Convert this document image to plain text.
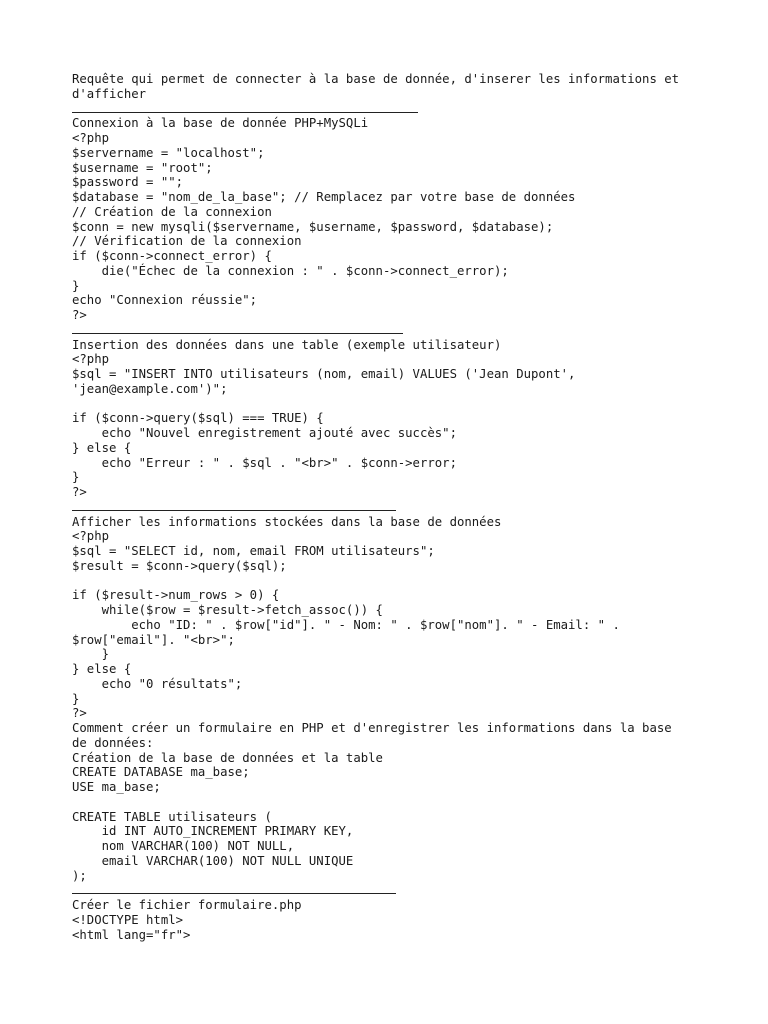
Requête qui permet de connecter à la base de donnée, d'inserer les informations et
d'afficher
Connexion à la base de donnée PHP+MySQLi
<?php
$servername = "localhost";
$username = "root";
$password = "";
$database = "nom_de_la_base"; // Remplacez par votre base de données
// Création de la connexion
$conn = new mysqli($servername, $username, $password, $database);
// Vérification de la connexion
if ($conn->connect_error) {
die("Échec de la connexion : " . $conn->connect_error);
}
echo "Connexion réussie";
?>
Insertion des données dans une table (exemple utilisateur)
<?php
$sql = "INSERT INTO utilisateurs (nom, email) VALUES ('Jean Dupont',
'jean@example.com')";
if ($conn->query($sql) === TRUE) {
echo "Nouvel enregistrement ajouté avec succès";
} else {
echo "Erreur : " . $sql . "<br>" . $conn->error;
}
?>
Afficher les informations stockées dans la base de données
<?php
$sql = "SELECT id, nom, email FROM utilisateurs";
$result = $conn->query($sql);
if ($result->num_rows > 0) {
while($row = $result->fetch_assoc()) {
echo "ID: " . $row["id"]. " - Nom: " . $row["nom"]. " - Email: " .
$row["email"]. "<br>";
}
} else {
echo "0 résultats";
}
?>
Comment créer un formulaire en PHP et d'enregistrer les informations dans la base
de données:
Création de la base de données et la table
CREATE DATABASE ma_base;
USE ma_base;
CREATE TABLE utilisateurs (
id INT AUTO_INCREMENT PRIMARY KEY,
nom VARCHAR(100) NOT NULL,
email VARCHAR(100) NOT NULL UNIQUE
);
Créer le fichier formulaire.php
<!DOCTYPE html>
<html lang="fr">
